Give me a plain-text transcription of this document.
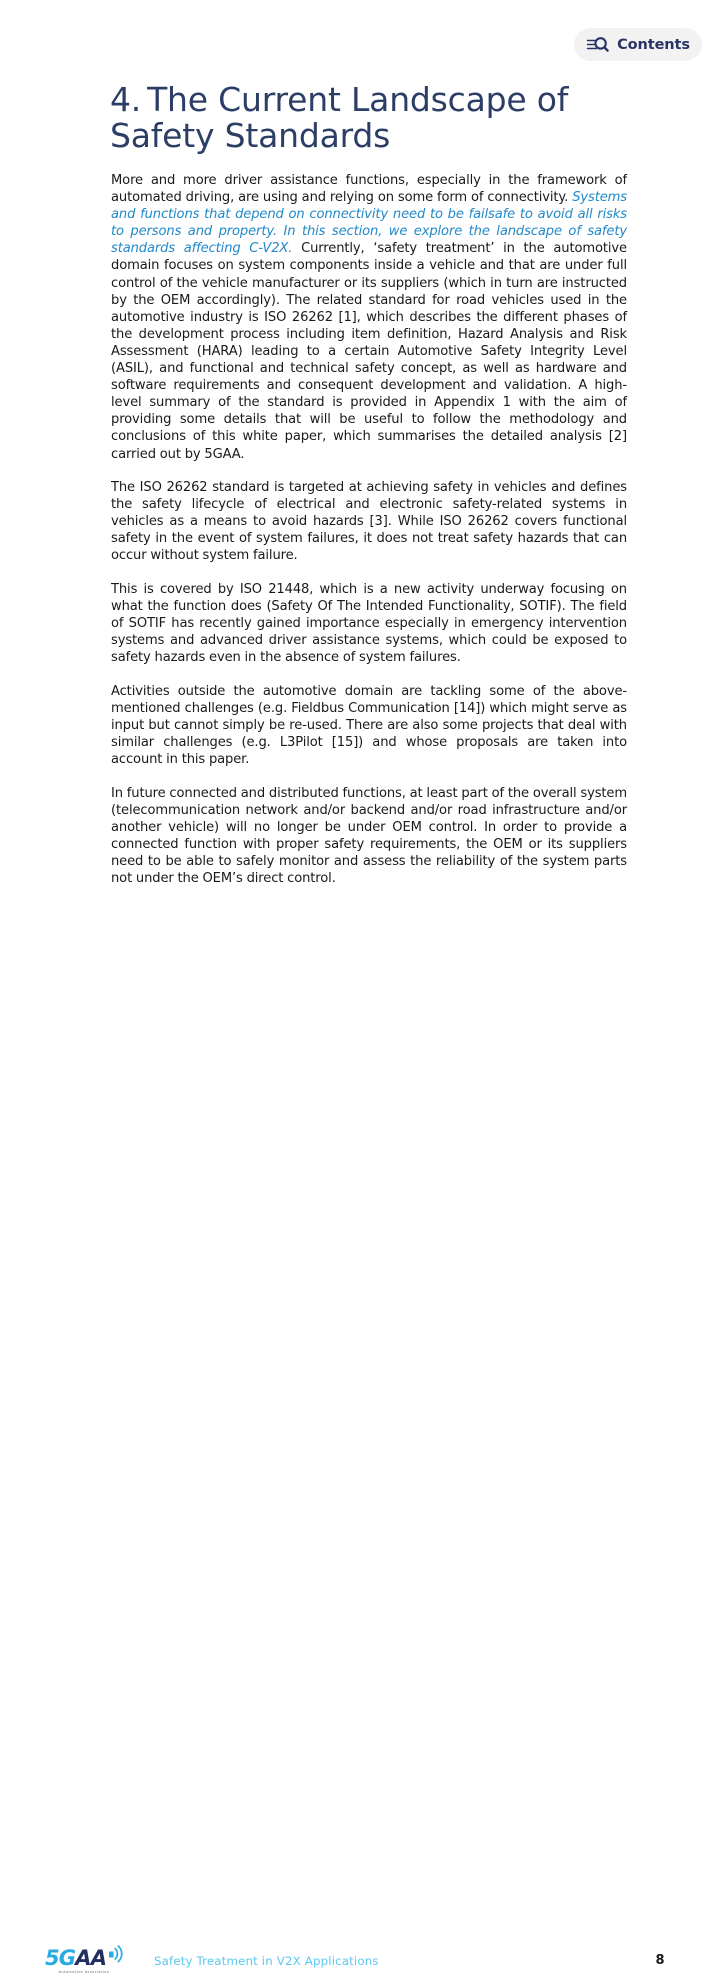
Contents
4. The Current Landscape of Safety Standards

More and more driver assistance functions, especially in the framework of automated driving, are using and relying on some form of connectivity. Systems and functions that depend on connectivity need to be failsafe to avoid all risks to persons and property. In this section, we explore the landscape of safety standards affecting C-V2X. Currently, ‘safety treatment’ in the automotive domain focuses on system components inside a vehicle and that are under full control of the vehicle manufacturer or its suppliers (which in turn are instructed by the OEM accordingly). The related standard for road vehicles used in the automotive industry is ISO 26262 [1], which describes the different phases of the development process including item definition, Hazard Analysis and Risk Assessment (HARA) leading to a certain Automotive Safety Integrity Level (ASIL), and functional and technical safety concept, as well as hardware and software requirements and consequent development and validation. A high-level summary of the standard is provided in Appendix 1 with the aim of providing some details that will be useful to follow the methodology and conclusions of this white paper, which summarises the detailed analysis [2] carried out by 5GAA.

The ISO 26262 standard is targeted at achieving safety in vehicles and defines the safety lifecycle of electrical and electronic safety-related systems in vehicles as a means to avoid hazards [3]. While ISO 26262 covers functional safety in the event of system failures, it does not treat safety hazards that can occur without system failure.

This is covered by ISO 21448, which is a new activity underway focusing on what the function does (Safety Of The Intended Functionality, SOTIF). The field of SOTIF has recently gained importance especially in emergency intervention systems and advanced driver assistance systems, which could be exposed to safety hazards even in the absence of system failures.

Activities outside the automotive domain are tackling some of the above-mentioned challenges (e.g. Fieldbus Communication [14]) which might serve as input but cannot simply be re-used. There are also some projects that deal with similar challenges (e.g. L3Pilot [15]) and whose proposals are taken into account in this paper.

In future connected and distributed functions, at least part of the overall system (telecommunication network and/or backend and/or road infrastructure and/or another vehicle) will no longer be under OEM control. In order to provide a connected function with proper safety requirements, the OEM or its suppliers need to be able to safely monitor and assess the reliability of the system parts not under the OEM’s direct control.

5G AA
Automotive Association
Safety Treatment in V2X Applications	8
